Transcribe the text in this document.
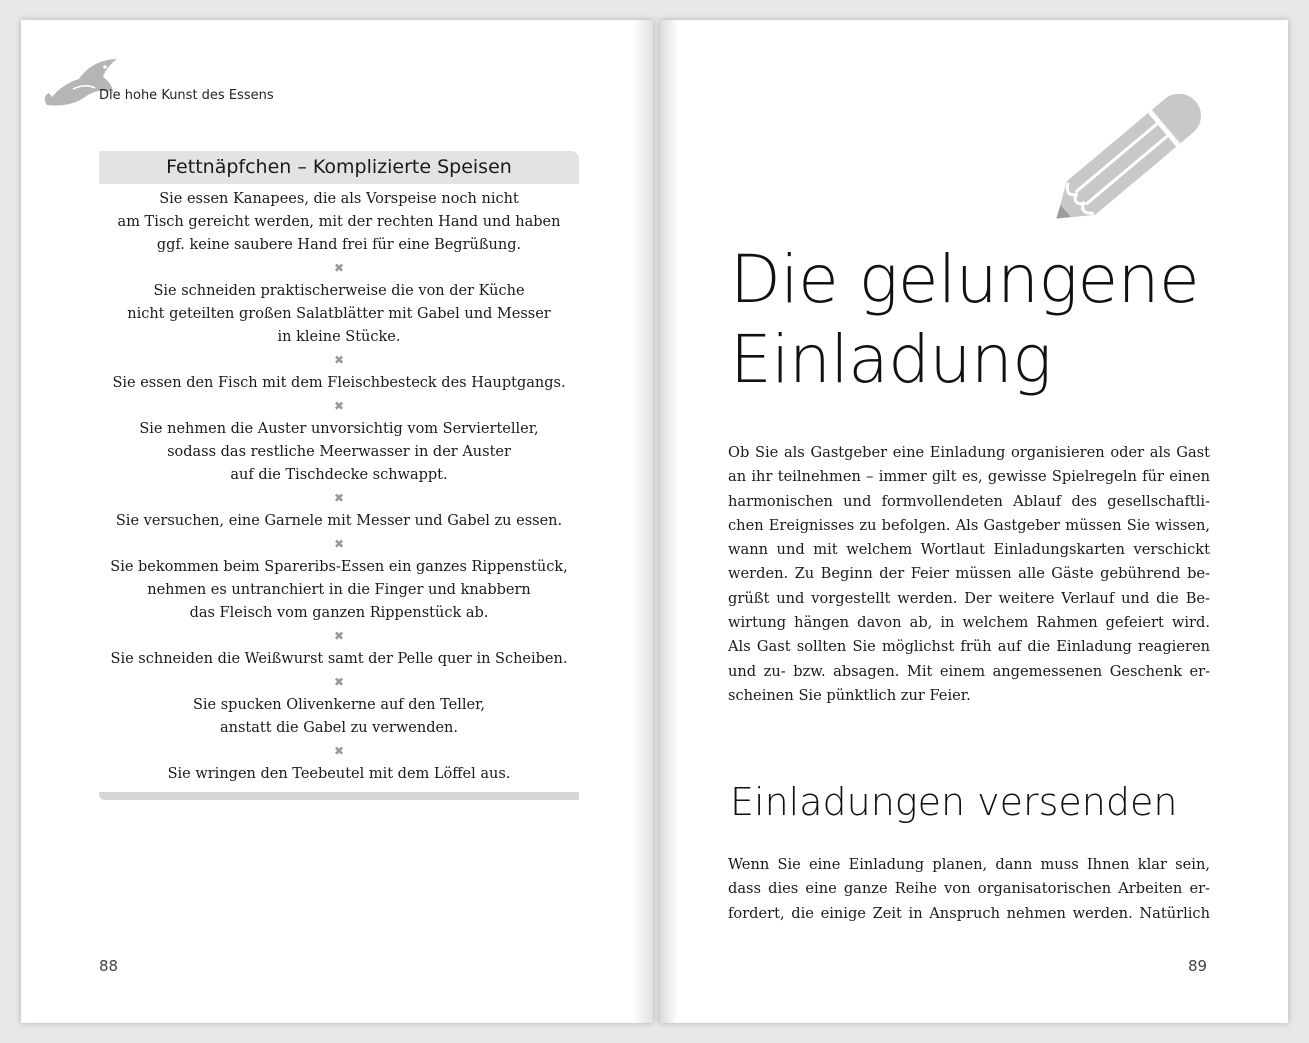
Die hohe Kunst des Essens
Fettnäpfchen – Komplizierte Speisen
Sie essen Kanapees, die als Vorspeise noch nicht
am Tisch gereicht werden, mit der rechten Hand und haben
ggf. keine saubere Hand frei für eine Begrüßung.
✖
Sie schneiden praktischerweise die von der Küche
nicht geteilten großen Salatblätter mit Gabel und Messer
in kleine Stücke.
✖
Sie essen den Fisch mit dem Fleischbesteck des Hauptgangs.
✖
Sie nehmen die Auster unvorsichtig vom Servierteller,
sodass das restliche Meerwasser in der Auster
auf die Tischdecke schwappt.
✖
Sie versuchen, eine Garnele mit Messer und Gabel zu essen.
✖
Sie bekommen beim Spareribs-Essen ein ganzes Rippenstück,
nehmen es untranchiert in die Finger und knabbern
das Fleisch vom ganzen Rippenstück ab.
✖
Sie schneiden die Weißwurst samt der Pelle quer in Scheiben.
✖
Sie spucken Olivenkerne auf den Teller,
anstatt die Gabel zu verwenden.
✖
Sie wringen den Teebeutel mit dem Löffel aus.
88
Die gelungene
Einladung
Ob Sie als Gastgeber eine Einladung organisieren oder als Gast
an ihr teilnehmen – immer gilt es, gewisse Spielregeln für einen
harmonischen und formvollendeten Ablauf des gesellschaftli-
chen Ereignisses zu befolgen. Als Gastgeber müssen Sie wissen,
wann und mit welchem Wortlaut Einladungskarten verschickt
werden. Zu Beginn der Feier müssen alle Gäste gebührend be-
grüßt und vorgestellt werden. Der weitere Verlauf und die Be-
wirtung hängen davon ab, in welchem Rahmen gefeiert wird.
Als Gast sollten Sie möglichst früh auf die Einladung reagieren
und zu- bzw. absagen. Mit einem angemessenen Geschenk er-
scheinen Sie pünktlich zur Feier.
Einladungen versenden
Wenn Sie eine Einladung planen, dann muss Ihnen klar sein,
dass dies eine ganze Reihe von organisatorischen Arbeiten er-
fordert, die einige Zeit in Anspruch nehmen werden. Natürlich
89
